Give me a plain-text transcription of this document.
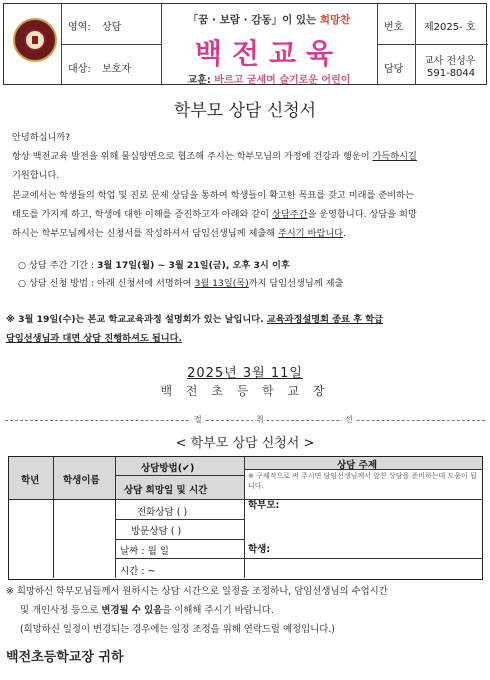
영역: 상담
대상: 보호자
「꿈 · 보람 · 감동」이 있는 희망찬
백전교육
교훈: 바르고 굳세며 슬기로운 어린이
번호 제2025- 호
담당
교사 전성우
591-8044
학부모 상담 신청서
안녕하십니까?
항상 백전교육 발전을 위해 물심양면으로 협조해 주시는 학부모님의 가정에 건강과 행운이 가득하시길
기원합니다.
본교에서는 학생들의 학업 및 진로 문제 상담을 통하여 학생들이 확고한 목표를 갖고 미래를 준비하는
태도를 가지게 하고, 학생에 대한 이해를 증진하고자 아래와 같이 상담주간을 운영합니다. 상담을 희망
하시는 학부모님께서는 신청서를 작성하셔서 담임선생님께 제출해 주시기 바랍니다.
○ 상담 주간 기간 : 3월 17일(월) ~ 3월 21일(금), 오후 3시 이후
○ 상담 신청 방법 : 아래 신청서에 서명하여 3월 13일(목)까지 담임선생님께 제출
※ 3월 19일(수)는 본교 학교교육과정 설명회가 있는 날입니다. 교육과정설명회 종료 후 학급
담임선생님과 대면 상담 진행하셔도 됩니다.
2025년 3월 11일
백 전 초 등 학 교 장
절	취	선
< 학부모 상담 신청서 >
학년 학생이름
상담방법(✔)
상담 희망일 및 시간
상담 주제
※ 구체적으로 써 주시면 담임선생님께서 알찬 상담을 준비하는데 도움이 됩니다.
전화상담 ( )
방문상담 ( )
날짜 : 월 일
시간 : ~
학부모:
학생:
※ 희망하신 학부모님들께서 원하시는 상담 시간으로 일정을 조정하나, 담임선생님의 수업시간
및 개인사정 등으로 변경될 수 있음을 이해해 주시기 바랍니다.
(희망하신 일정이 변경되는 경우에는 일정 조정을 위해 연락드릴 예정입니다.)
백전초등학교장 귀하
